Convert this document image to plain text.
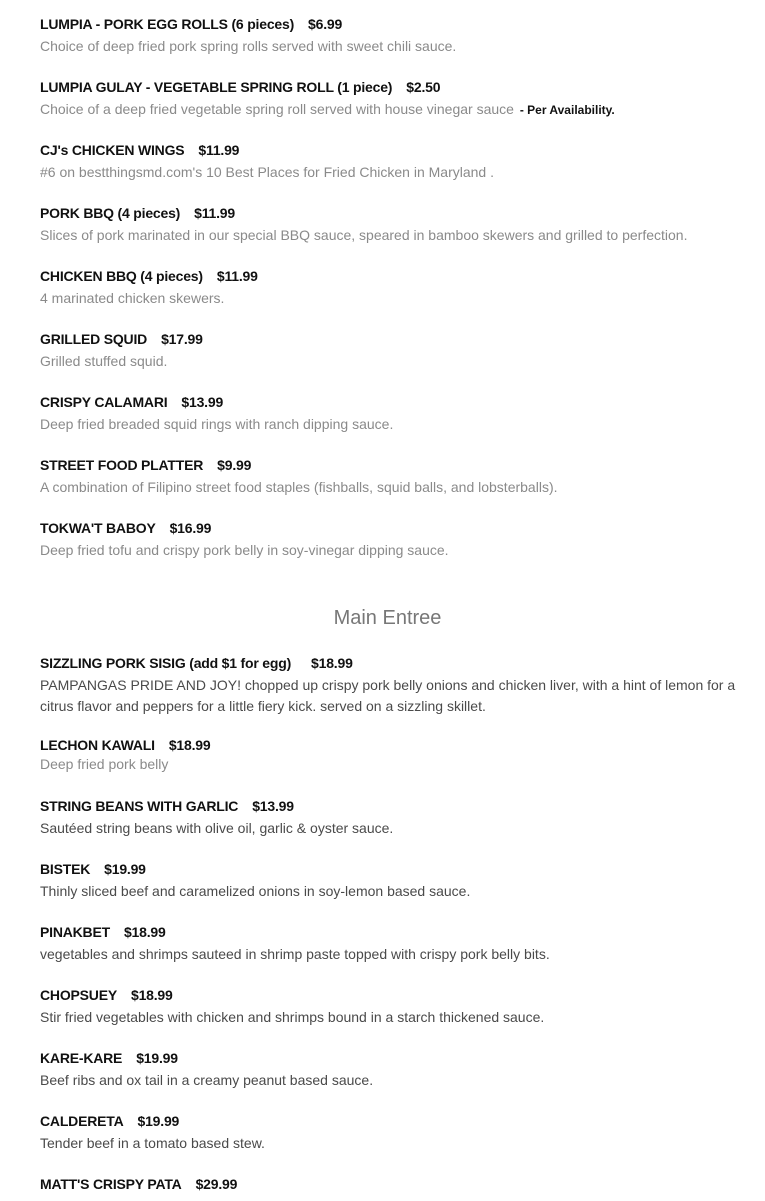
LUMPIA - PORK EGG ROLLS (6 pieces) $6.99
Choice of deep fried pork spring rolls served with sweet chili sauce.
LUMPIA GULAY - VEGETABLE SPRING ROLL (1 piece) $2.50
Choice of a deep fried vegetable spring roll served with house vinegar sauce - Per Availability.
CJ's CHICKEN WINGS $11.99
#6 on bestthingsmd.com's 10 Best Places for Fried Chicken in Maryland .
PORK BBQ (4 pieces) $11.99
Slices of pork marinated in our special BBQ sauce, speared in bamboo skewers and grilled to perfection.
CHICKEN BBQ (4 pieces) $11.99
4 marinated chicken skewers.
GRILLED SQUID $17.99
Grilled stuffed squid.
CRISPY CALAMARI $13.99
Deep fried breaded squid rings with ranch dipping sauce.
STREET FOOD PLATTER $9.99
A combination of Filipino street food staples (fishballs, squid balls, and lobsterballs).
TOKWA'T BABOY $16.99
Deep fried tofu and crispy pork belly in soy-vinegar dipping sauce.
Main Entree
SIZZLING PORK SISIG (add $1 for egg) $18.99
PAMPANGAS PRIDE AND JOY! chopped up crispy pork belly onions and chicken liver, with a hint of lemon for a citrus flavor and peppers for a little fiery kick. served on a sizzling skillet.
LECHON KAWALI $18.99
Deep fried pork belly
STRING BEANS WITH GARLIC $13.99
Sautéed string beans with olive oil, garlic & oyster sauce.
BISTEK $19.99
Thinly sliced beef and caramelized onions in soy-lemon based sauce.
PINAKBET $18.99
vegetables and shrimps sauteed in shrimp paste topped with crispy pork belly bits.
CHOPSUEY $18.99
Stir fried vegetables with chicken and shrimps bound in a starch thickened sauce.
KARE-KARE $19.99
Beef ribs and ox tail in a creamy peanut based sauce.
CALDERETA $19.99
Tender beef in a tomato based stew.
MATT'S CRISPY PATA $29.99
